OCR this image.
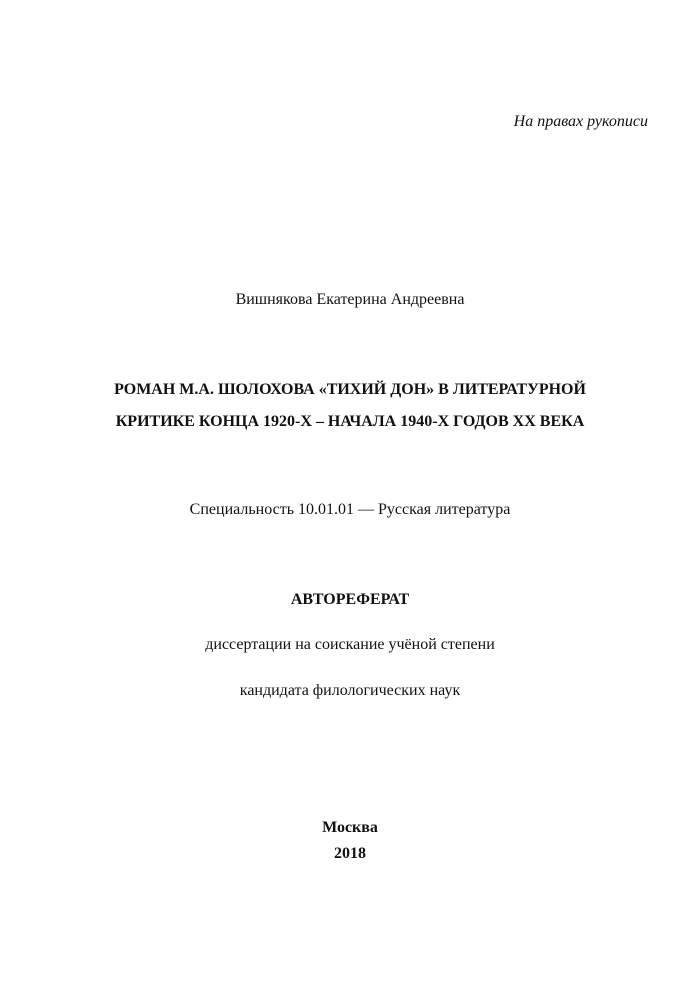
На правах рукописи
Вишнякова Екатерина Андреевна
РОМАН М.А. ШОЛОХОВА «ТИХИЙ ДОН» В ЛИТЕРАТУРНОЙ
КРИТИКЕ КОНЦА 1920-Х – НАЧАЛА 1940-Х ГОДОВ XX ВЕКА
Специальность 10.01.01 — Русская литература
АВТОРЕФЕРАТ
диссертации на соискание учёной степени
кандидата филологических наук
Москва
2018
